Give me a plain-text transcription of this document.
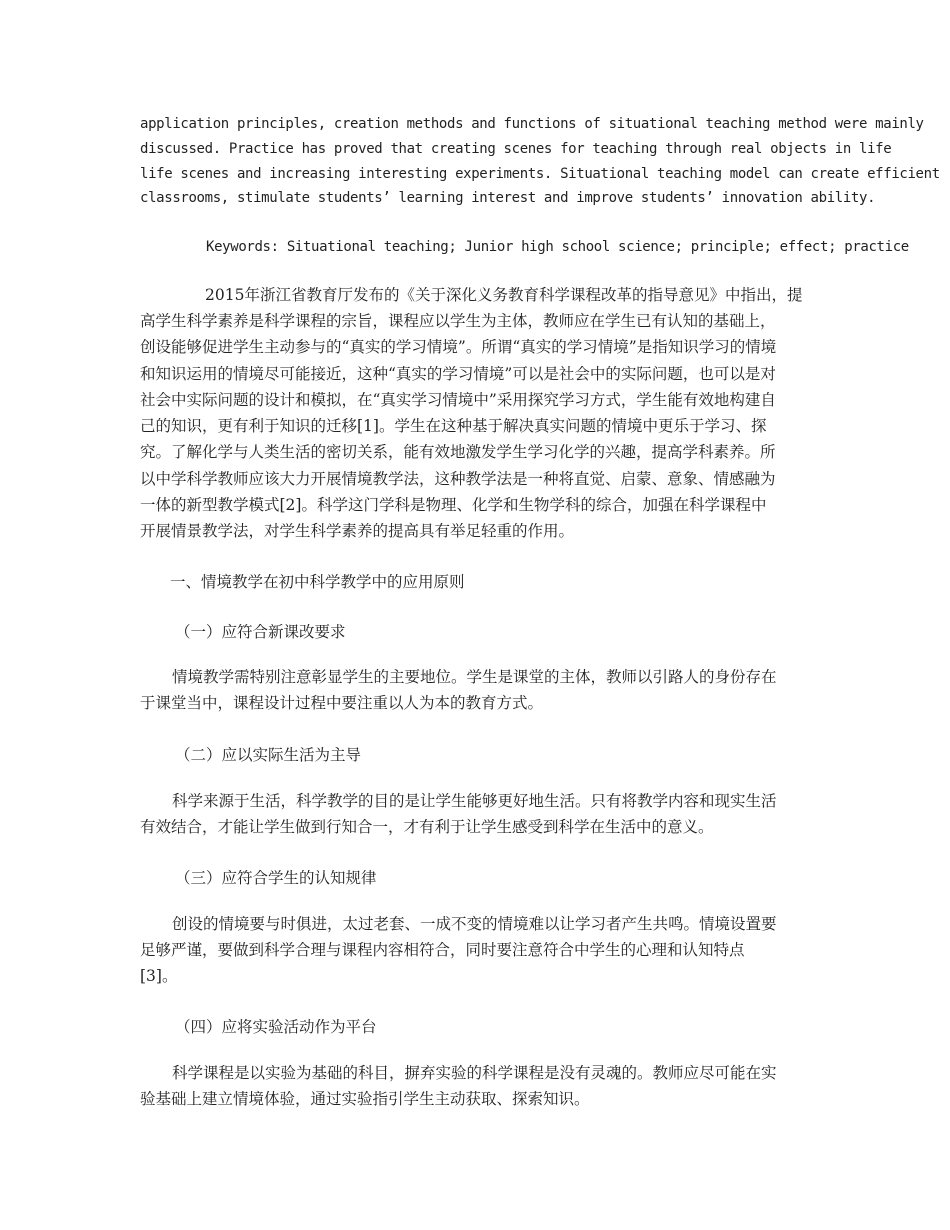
application principles, creation methods and functions of situational teaching method were mainly

discussed. Practice has proved that creating scenes for teaching through real objects in life

life scenes and increasing interesting experiments. Situational teaching model can create efficient

classrooms, stimulate students’ learning interest and improve students’ innovation ability.

Keywords: Situational teaching; Junior high school science; principle; effect; practice

2015年浙江省教育厅发布的《关于深化义务教育科学课程改革的指导意见》中指出，提

高学生科学素养是科学课程的宗旨，课程应以学生为主体，教师应在学生已有认知的基础上，

创设能够促进学生主动参与的“真实的学习情境”。所谓“真实的学习情境”是指知识学习的情境

和知识运用的情境尽可能接近，这种“真实的学习情境”可以是社会中的实际问题，也可以是对

社会中实际问题的设计和模拟，在“真实学习情境中”采用探究学习方式，学生能有效地构建自

己的知识，更有利于知识的迁移[1]。学生在这种基于解决真实问题的情境中更乐于学习、探

究。了解化学与人类生活的密切关系，能有效地激发学生学习化学的兴趣，提高学科素养。所

以中学科学教师应该大力开展情境教学法，这种教学法是一种将直觉、启蒙、意象、情感融为

一体的新型教学模式[2]。科学这门学科是物理、化学和生物学科的综合，加强在科学课程中

开展情景教学法，对学生科学素养的提高具有举足轻重的作用。

一、情境教学在初中科学教学中的应用原则

（一）应符合新课改要求

情境教学需特别注意彰显学生的主要地位。学生是课堂的主体，教师以引路人的身份存在

于课堂当中，课程设计过程中要注重以人为本的教育方式。

（二）应以实际生活为主导

科学来源于生活，科学教学的目的是让学生能够更好地生活。只有将教学内容和现实生活

有效结合，才能让学生做到行知合一，才有利于让学生感受到科学在生活中的意义。

（三）应符合学生的认知规律

创设的情境要与时俱进，太过老套、一成不变的情境难以让学习者产生共鸣。情境设置要

足够严谨，要做到科学合理与课程内容相符合，同时要注意符合中学生的心理和认知特点

[3]。

（四）应将实验活动作为平台

科学课程是以实验为基础的科目，摒弃实验的科学课程是没有灵魂的。教师应尽可能在实

验基础上建立情境体验，通过实验指引学生主动获取、探索知识。
